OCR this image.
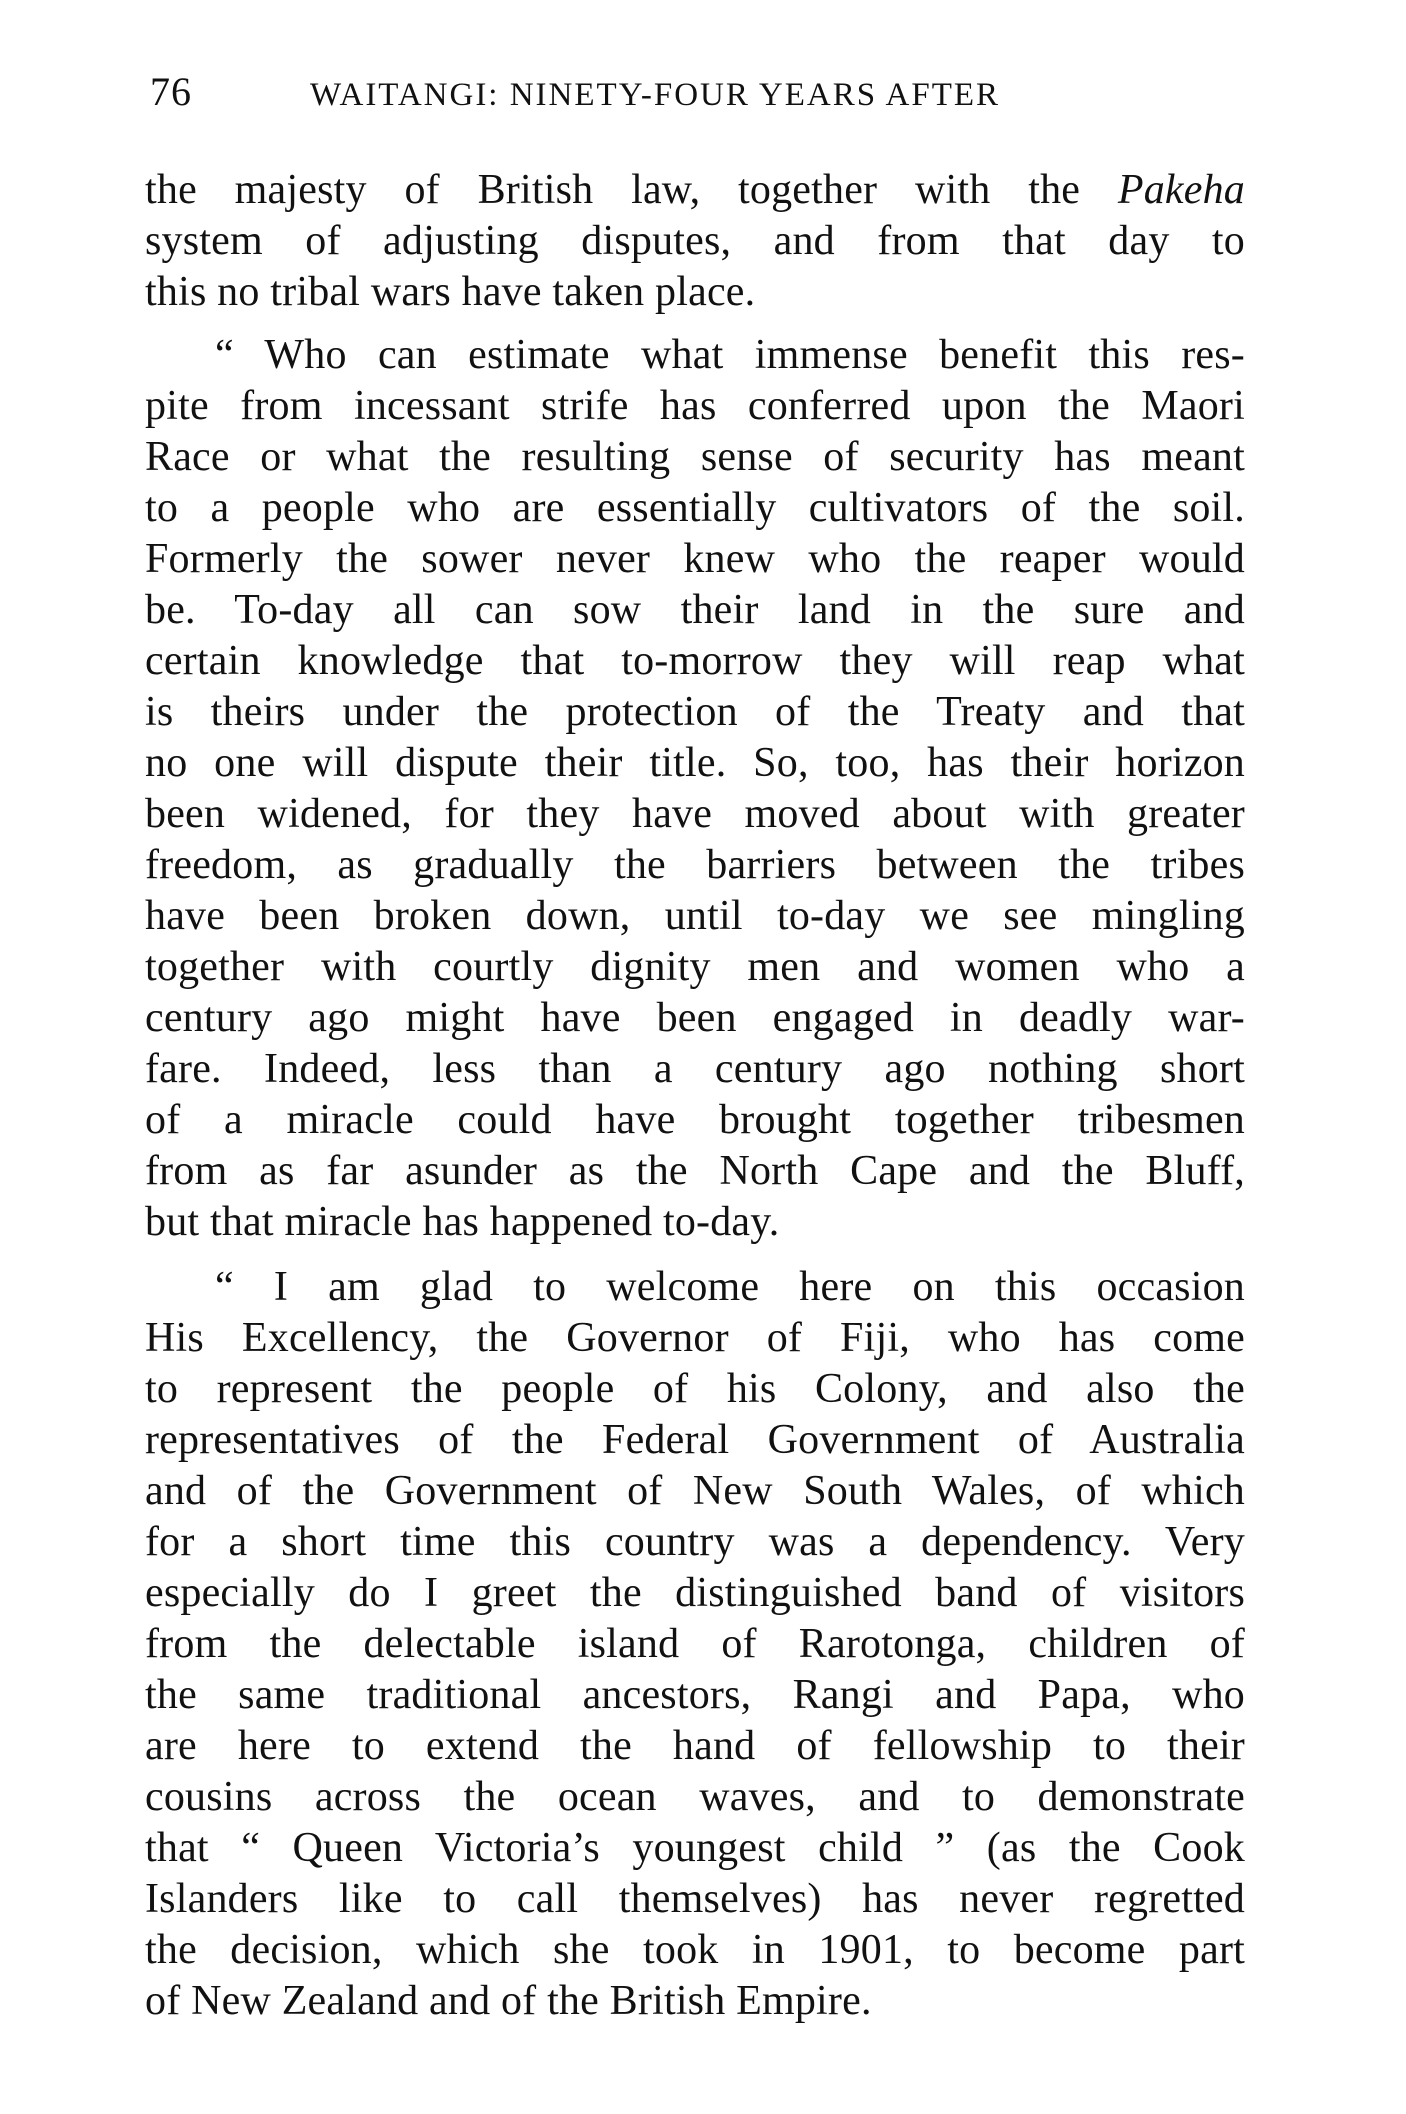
76	WAITANGI: NINETY-FOUR YEARS AFTER
the majesty of British law, together with the Pakeha
system of adjusting disputes, and from that day to
this no tribal wars have taken place.
“ Who can estimate what immense benefit this res-
pite from incessant strife has conferred upon the Maori
Race or what the resulting sense of security has meant
to a people who are essentially cultivators of the soil.
Formerly the sower never knew who the reaper would
be. To-day all can sow their land in the sure and
certain knowledge that to-morrow they will reap what
is theirs under the protection of the Treaty and that
no one will dispute their title. So, too, has their horizon
been widened, for they have moved about with greater
freedom, as gradually the barriers between the tribes
have been broken down, until to-day we see mingling
together with courtly dignity men and women who a
century ago might have been engaged in deadly war-
fare. Indeed, less than a century ago nothing short
of a miracle could have brought together tribesmen
from as far asunder as the North Cape and the Bluff,
but that miracle has happened to-day.
“ I am glad to welcome here on this occasion
His Excellency, the Governor of Fiji, who has come
to represent the people of his Colony, and also the
representatives of the Federal Government of Australia
and of the Government of New South Wales, of which
for a short time this country was a dependency. Very
especially do I greet the distinguished band of visitors
from the delectable island of Rarotonga, children of
the same traditional ancestors, Rangi and Papa, who
are here to extend the hand of fellowship to their
cousins across the ocean waves, and to demonstrate
that “ Queen Victoria’s youngest child ” (as the Cook
Islanders like to call themselves) has never regretted
the decision, which she took in 1901, to become part
of New Zealand and of the British Empire.
